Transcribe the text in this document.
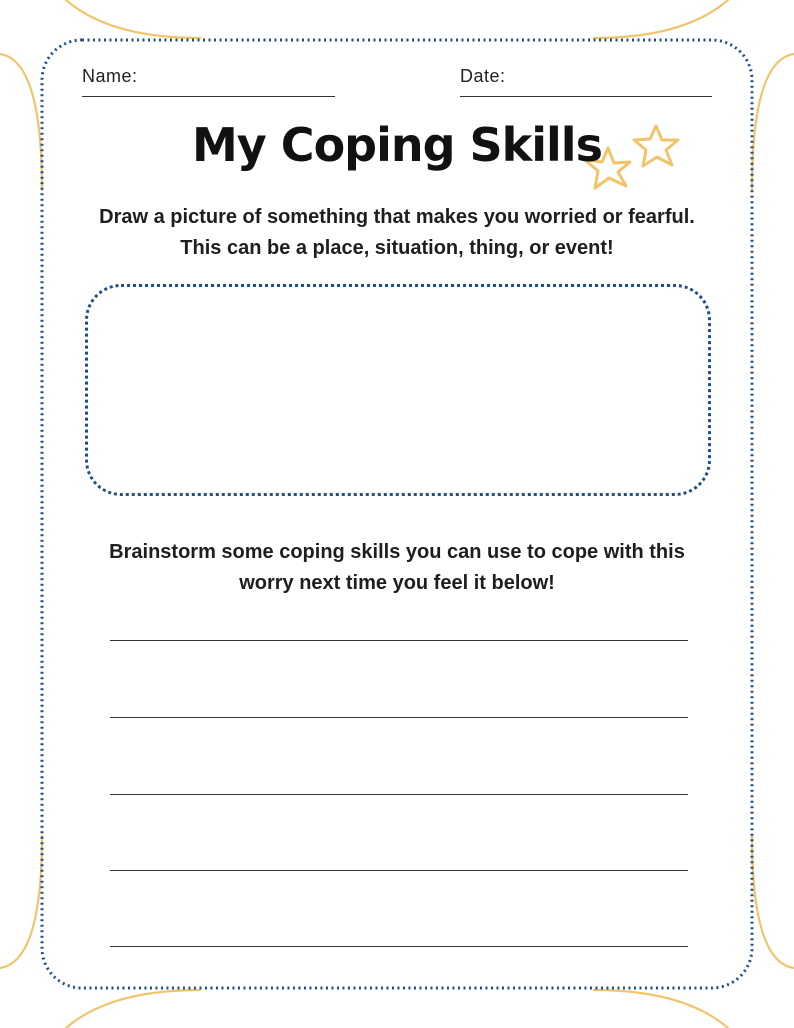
Name:	Date:
My Coping Skills
Draw a picture of something that makes you worried or fearful. This can be a place, situation, thing, or event!
Brainstorm some coping skills you can use to cope with this worry next time you feel it below!
